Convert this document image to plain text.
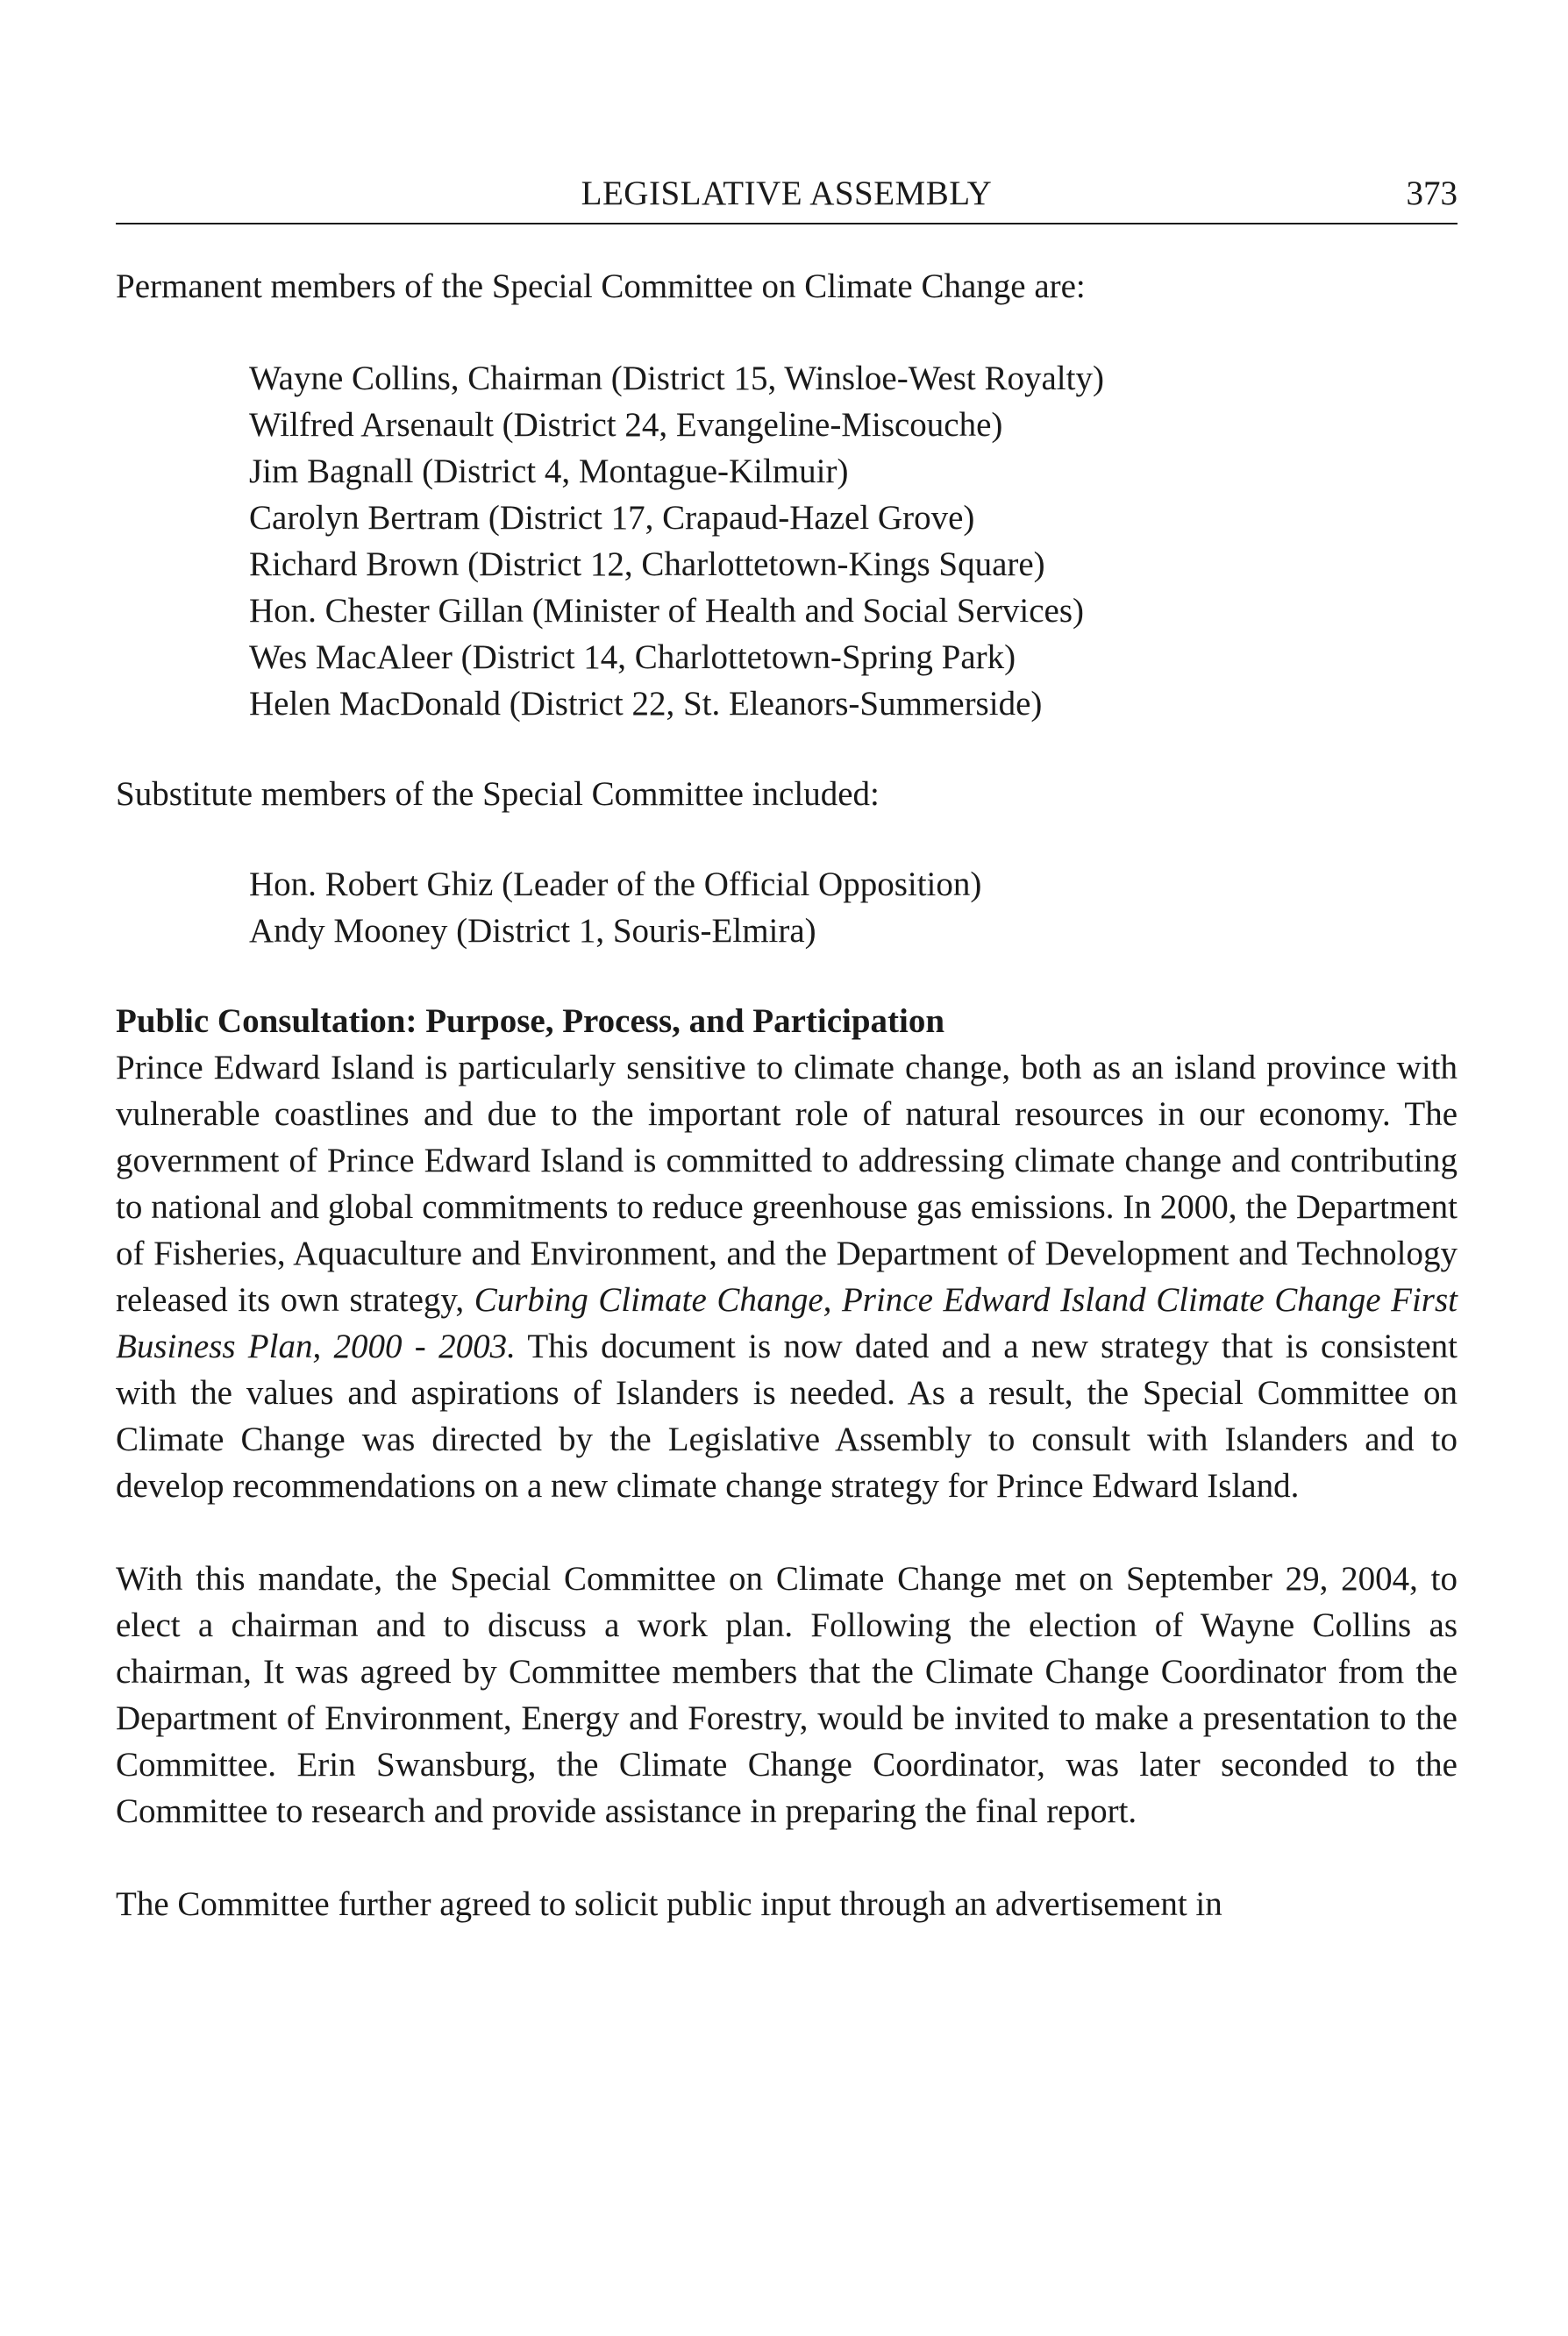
LEGISLATIVE ASSEMBLY	373

Permanent members of the Special Committee on Climate Change are:

Wayne Collins, Chairman (District 15, Winsloe-West Royalty)
Wilfred Arsenault (District 24, Evangeline-Miscouche)
Jim Bagnall (District 4, Montague-Kilmuir)
Carolyn Bertram (District 17, Crapaud-Hazel Grove)
Richard Brown (District 12, Charlottetown-Kings Square)
Hon. Chester Gillan (Minister of Health and Social Services)
Wes MacAleer (District 14, Charlottetown-Spring Park)
Helen MacDonald (District 22, St. Eleanors-Summerside)

Substitute members of the Special Committee included:

Hon. Robert Ghiz (Leader of the Official Opposition)
Andy Mooney (District 1, Souris-Elmira)
Public Consultation: Purpose, Process, and Participation

Prince Edward Island is particularly sensitive to climate change, both as an island province with vulnerable coastlines and due to the important role of natural resources in our economy. The government of Prince Edward Island is committed to addressing climate change and contributing to national and global commitments to reduce greenhouse gas emissions. In 2000, the Department of Fisheries, Aquaculture and Environment, and the Department of Development and Technology released its own strategy, Curbing Climate Change, Prince Edward Island Climate Change First Business Plan, 2000 - 2003. This document is now dated and a new strategy that is consistent with the values and aspirations of Islanders is needed. As a result, the Special Committee on Climate Change was directed by the Legislative Assembly to consult with Islanders and to develop recommendations on a new climate change strategy for Prince Edward Island.

With this mandate, the Special Committee on Climate Change met on September 29, 2004, to elect a chairman and to discuss a work plan. Following the election of Wayne Collins as chairman, It was agreed by Committee members that the Climate Change Coordinator from the Department of Environment, Energy and Forestry, would be invited to make a presentation to the Committee. Erin Swansburg, the Climate Change Coordinator, was later seconded to the Committee to research and provide assistance in preparing the final report.

The Committee further agreed to solicit public input through an advertisement in
